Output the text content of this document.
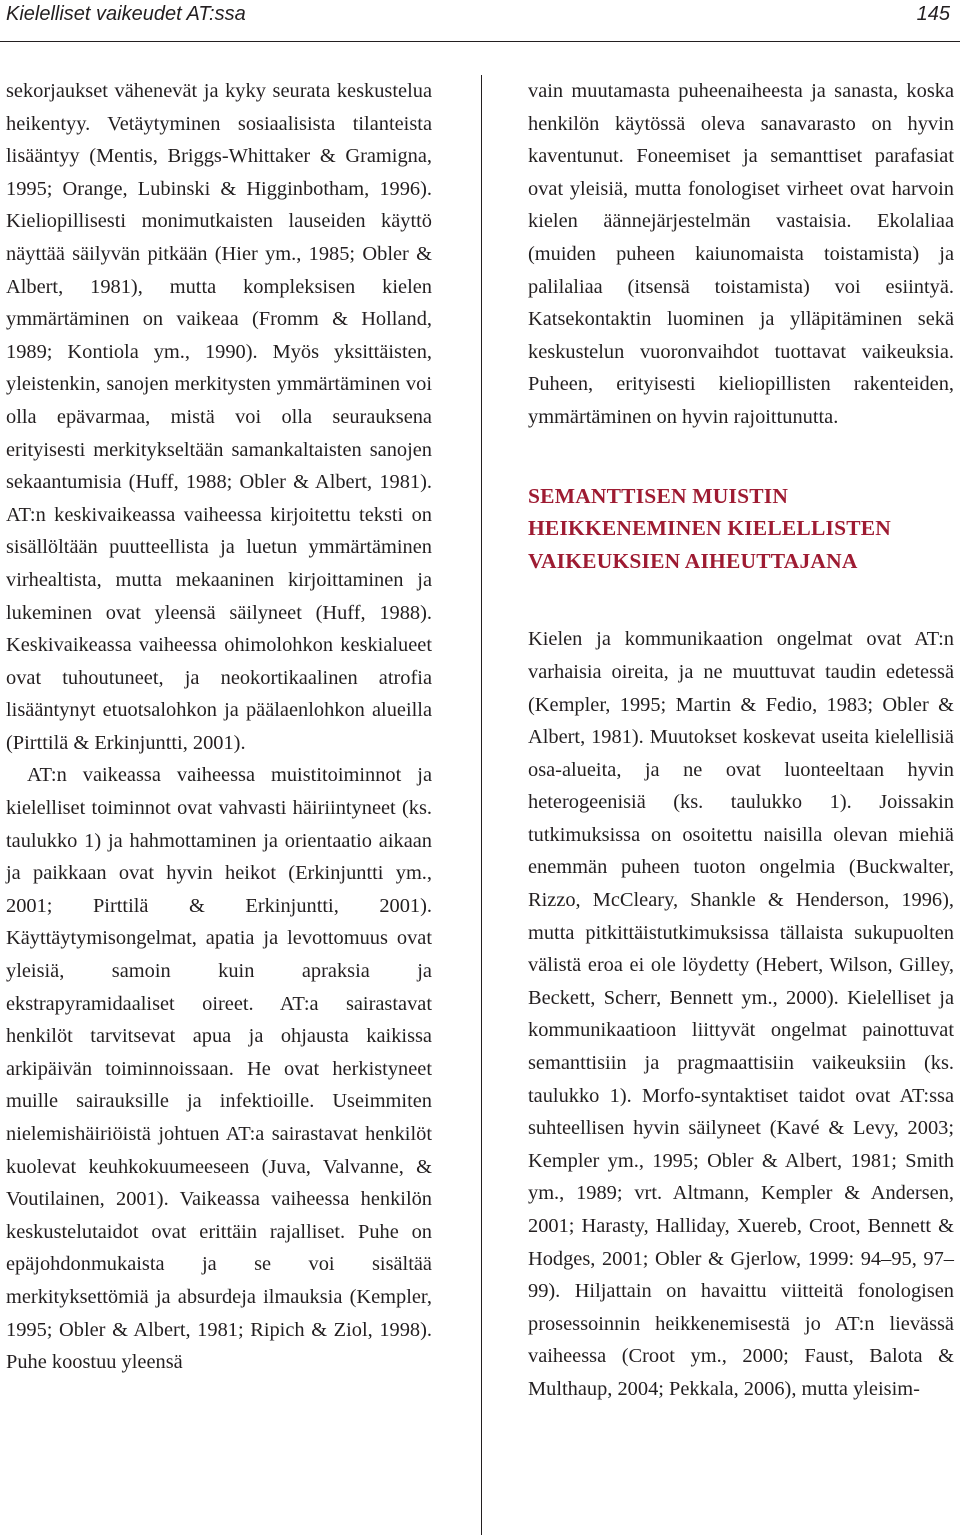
Kielelliset vaikeudet AT:ssa	145

sekorjaukset vähenevät ja kyky seurata keskustelua heikentyy. Vetäytyminen sosiaalisista tilanteista lisääntyy (Mentis, Briggs-Whittaker & Gramigna, 1995; Orange, Lubinski & Higginbotham, 1996). Kieliopillisesti monimutkaisten lauseiden käyttö näyttää säilyvän pitkään (Hier ym., 1985; Obler & Albert, 1981), mutta kompleksisen kielen ymmärtäminen on vaikeaa (Fromm & Holland, 1989; Kontiola ym., 1990). Myös yksittäisten, yleistenkin, sanojen merkitysten ymmärtäminen voi olla epävarmaa, mistä voi olla seurauksena erityisesti merkitykseltään samankaltaisten sanojen sekaantumisia (Huff, 1988; Obler & Albert, 1981). AT:n keskivaikeassa vaiheessa kirjoitettu teksti on sisällöltään puutteellista ja luetun ymmärtäminen virhealtista, mutta mekaaninen kirjoittaminen ja lukeminen ovat yleensä säilyneet (Huff, 1988). Keskivaikeassa vaiheessa ohimolohkon keskialueet ovat tuhoutuneet, ja neokortikaalinen atrofia lisääntynyt etuotsalohkon ja päälaenlohkon alueilla (Pirttilä & Erkinjuntti, 2001).

AT:n vaikeassa vaiheessa muistitoiminnot ja kielelliset toiminnot ovat vahvasti häiriintyneet (ks. taulukko 1) ja hahmottaminen ja orientaatio aikaan ja paikkaan ovat hyvin heikot (Erkinjuntti ym., 2001; Pirttilä & Erkinjuntti, 2001). Käyttäytymisongelmat, apatia ja levottomuus ovat yleisiä, samoin kuin apraksia ja ekstrapyramidaaliset oireet. AT:a sairastavat henkilöt tarvitsevat apua ja ohjausta kaikissa arkipäivän toiminnoissaan. He ovat herkistyneet muille sairauksille ja infektioille. Useimmiten nielemishäiriöistä johtuen AT:a sairastavat henkilöt kuolevat keuhkokuumeeseen (Juva, Valvanne, & Voutilainen, 2001). Vaikeassa vaiheessa henkilön keskustelutaidot ovat erittäin rajalliset. Puhe on epäjohdonmukaista ja se voi sisältää merkityksettömiä ja absurdeja ilmauksia (Kempler, 1995; Obler & Albert, 1981; Ripich & Ziol, 1998). Puhe koostuu yleensä

vain muutamasta puheenaiheesta ja sanasta, koska henkilön käytössä oleva sanavarasto on hyvin kaventunut. Foneemiset ja semanttiset parafasiat ovat yleisiä, mutta fonologiset virheet ovat harvoin kielen äännejärjestelmän vastaisia. Ekolaliaa (muiden puheen kaiunomaista toistamista) ja palilaliaa (itsensä toistamista) voi esiintyä. Katsekontaktin luominen ja ylläpitäminen sekä keskustelun vuoronvaihdot tuottavat vaikeuksia. Puheen, erityisesti kieliopillisten rakenteiden, ymmärtäminen on hyvin rajoittunutta.

SEMANTTISEN MUISTIN
HEIKKENEMINEN KIELELLISTEN
VAIKEUKSIEN AIHEUTTAJANA

Kielen ja kommunikaation ongelmat ovat AT:n varhaisia oireita, ja ne muuttuvat taudin edetessä (Kempler, 1995; Martin & Fedio, 1983; Obler & Albert, 1981). Muutokset koskevat useita kielellisiä osa-alueita, ja ne ovat luonteeltaan hyvin heterogeenisiä (ks. taulukko 1). Joissakin tutkimuksissa on osoitettu naisilla olevan miehiä enemmän puheen tuoton ongelmia (Buckwalter, Rizzo, McCleary, Shankle & Henderson, 1996), mutta pitkittäistutkimuksissa tällaista sukupuolten välistä eroa ei ole löydetty (Hebert, Wilson, Gilley, Beckett, Scherr, Bennett ym., 2000). Kielelliset ja kommunikaatioon liittyvät ongelmat painottuvat semanttisiin ja pragmaattisiin vaikeuksiin (ks. taulukko 1). Morfo-syntaktiset taidot ovat AT:ssa suhteellisen hyvin säilyneet (Kavé & Levy, 2003; Kempler ym., 1995; Obler & Albert, 1981; Smith ym., 1989; vrt. Altmann, Kempler & Andersen, 2001; Harasty, Halliday, Xuereb, Croot, Bennett & Hodges, 2001; Obler & Gjerlow, 1999: 94–95, 97–99). Hiljattain on havaittu viitteitä fonologisen prosessoinnin heikkenemisestä jo AT:n lievässä vaiheessa (Croot ym., 2000; Faust, Balota & Multhaup, 2004; Pekkala, 2006), mutta yleisim-
